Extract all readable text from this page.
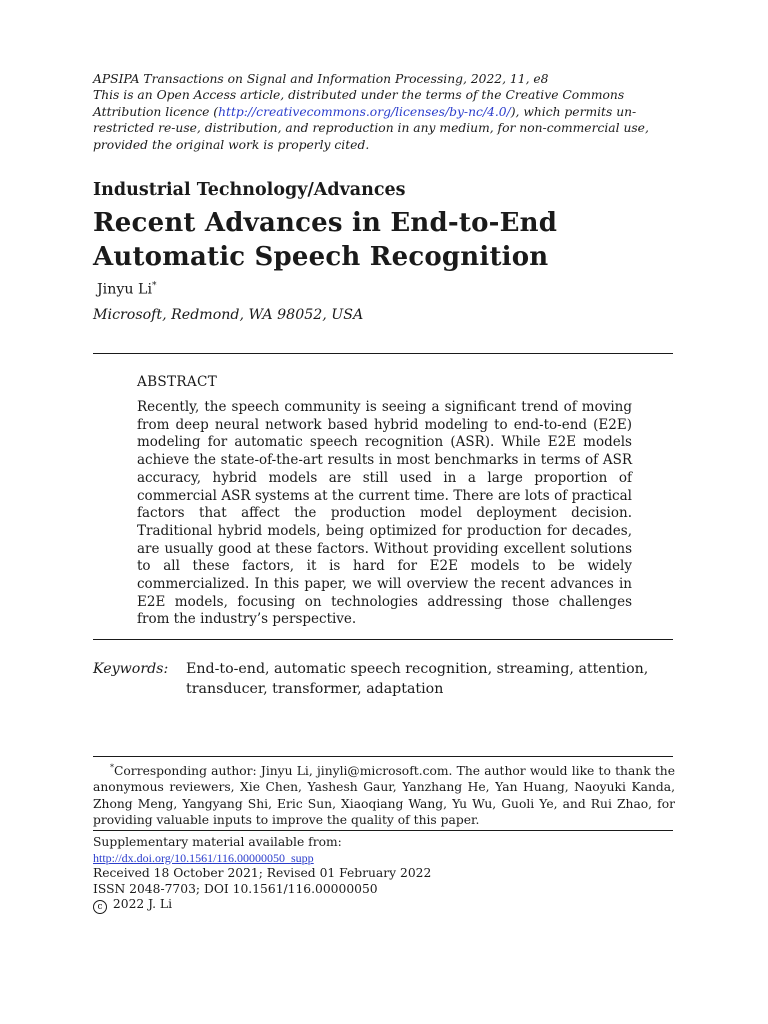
APSIPA Transactions on Signal and Information Processing, 2022, 11, e8

This is an Open Access article, distributed under the terms of the Creative Commons

Attribution licence (http://creativecommons.org/licenses/by-nc/4.0/), which permits un-

restricted re-use, distribution, and reproduction in any medium, for non-commercial use,

provided the original work is properly cited.

Industrial Technology/Advances
Recent Advances in End-to-End
Automatic Speech Recognition
Jinyu Li*
Microsoft, Redmond, WA 98052, USA
ABSTRACT
Recently, the speech community is seeing a significant trend of moving from deep neural network based hybrid modeling to end-to-end (E2E) modeling for automatic speech recognition (ASR). While E2E models achieve the state-of-the-art results in most benchmarks in terms of ASR accuracy, hybrid models are still used in a large proportion of commercial ASR systems at the current time. There are lots of practical factors that affect the production model deployment decision. Traditional hybrid models, being optimized for production for decades, are usually good at these factors. Without providing excellent solutions to all these factors, it is hard for E2E models to be widely commercialized. In this paper, we will overview the recent advances in E2E models, focusing on technologies addressing those challenges from the industry’s perspective.
Keywords: End-to-end, automatic speech recognition, streaming, attention, transducer, transformer, adaptation
*Corresponding author: Jinyu Li, jinyli@microsoft.com. The author would like to thank the anonymous reviewers, Xie Chen, Yashesh Gaur, Yanzhang He, Yan Huang, Naoyuki Kanda, Zhong Meng, Yangyang Shi, Eric Sun, Xiaoqiang Wang, Yu Wu, Guoli Ye, and Rui Zhao, for providing valuable inputs to improve the quality of this paper.
Supplementary material available from:
http://dx.doi.org/10.1561/116.00000050_supp
Received 18 October 2021; Revised 01 February 2022
ISSN 2048-7703; DOI 10.1561/116.00000050
c 2022 J. Li
